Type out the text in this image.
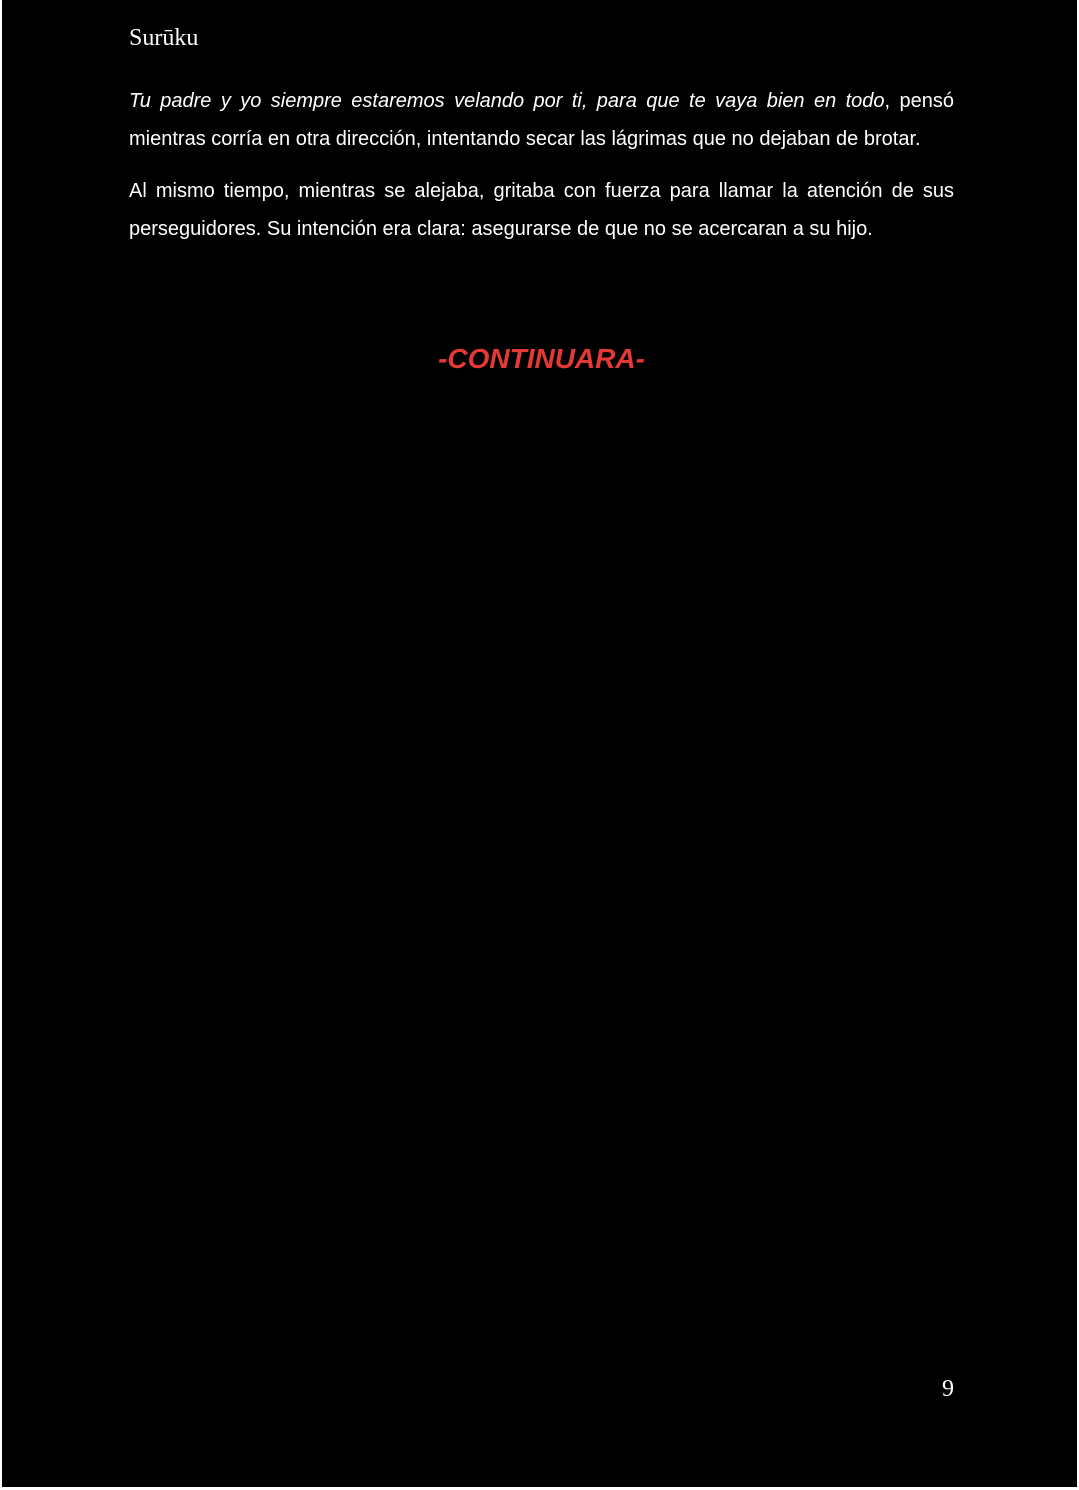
Surūku

Tu padre y yo siempre estaremos velando por ti, para que te vaya bien en todo, pensó mientras corría en otra dirección, intentando secar las lágrimas que no dejaban de brotar.

Al mismo tiempo, mientras se alejaba, gritaba con fuerza para llamar la atención de sus perseguidores. Su intención era clara: asegurarse de que no se acercaran a su hijo.

-CONTINUARA-

9
